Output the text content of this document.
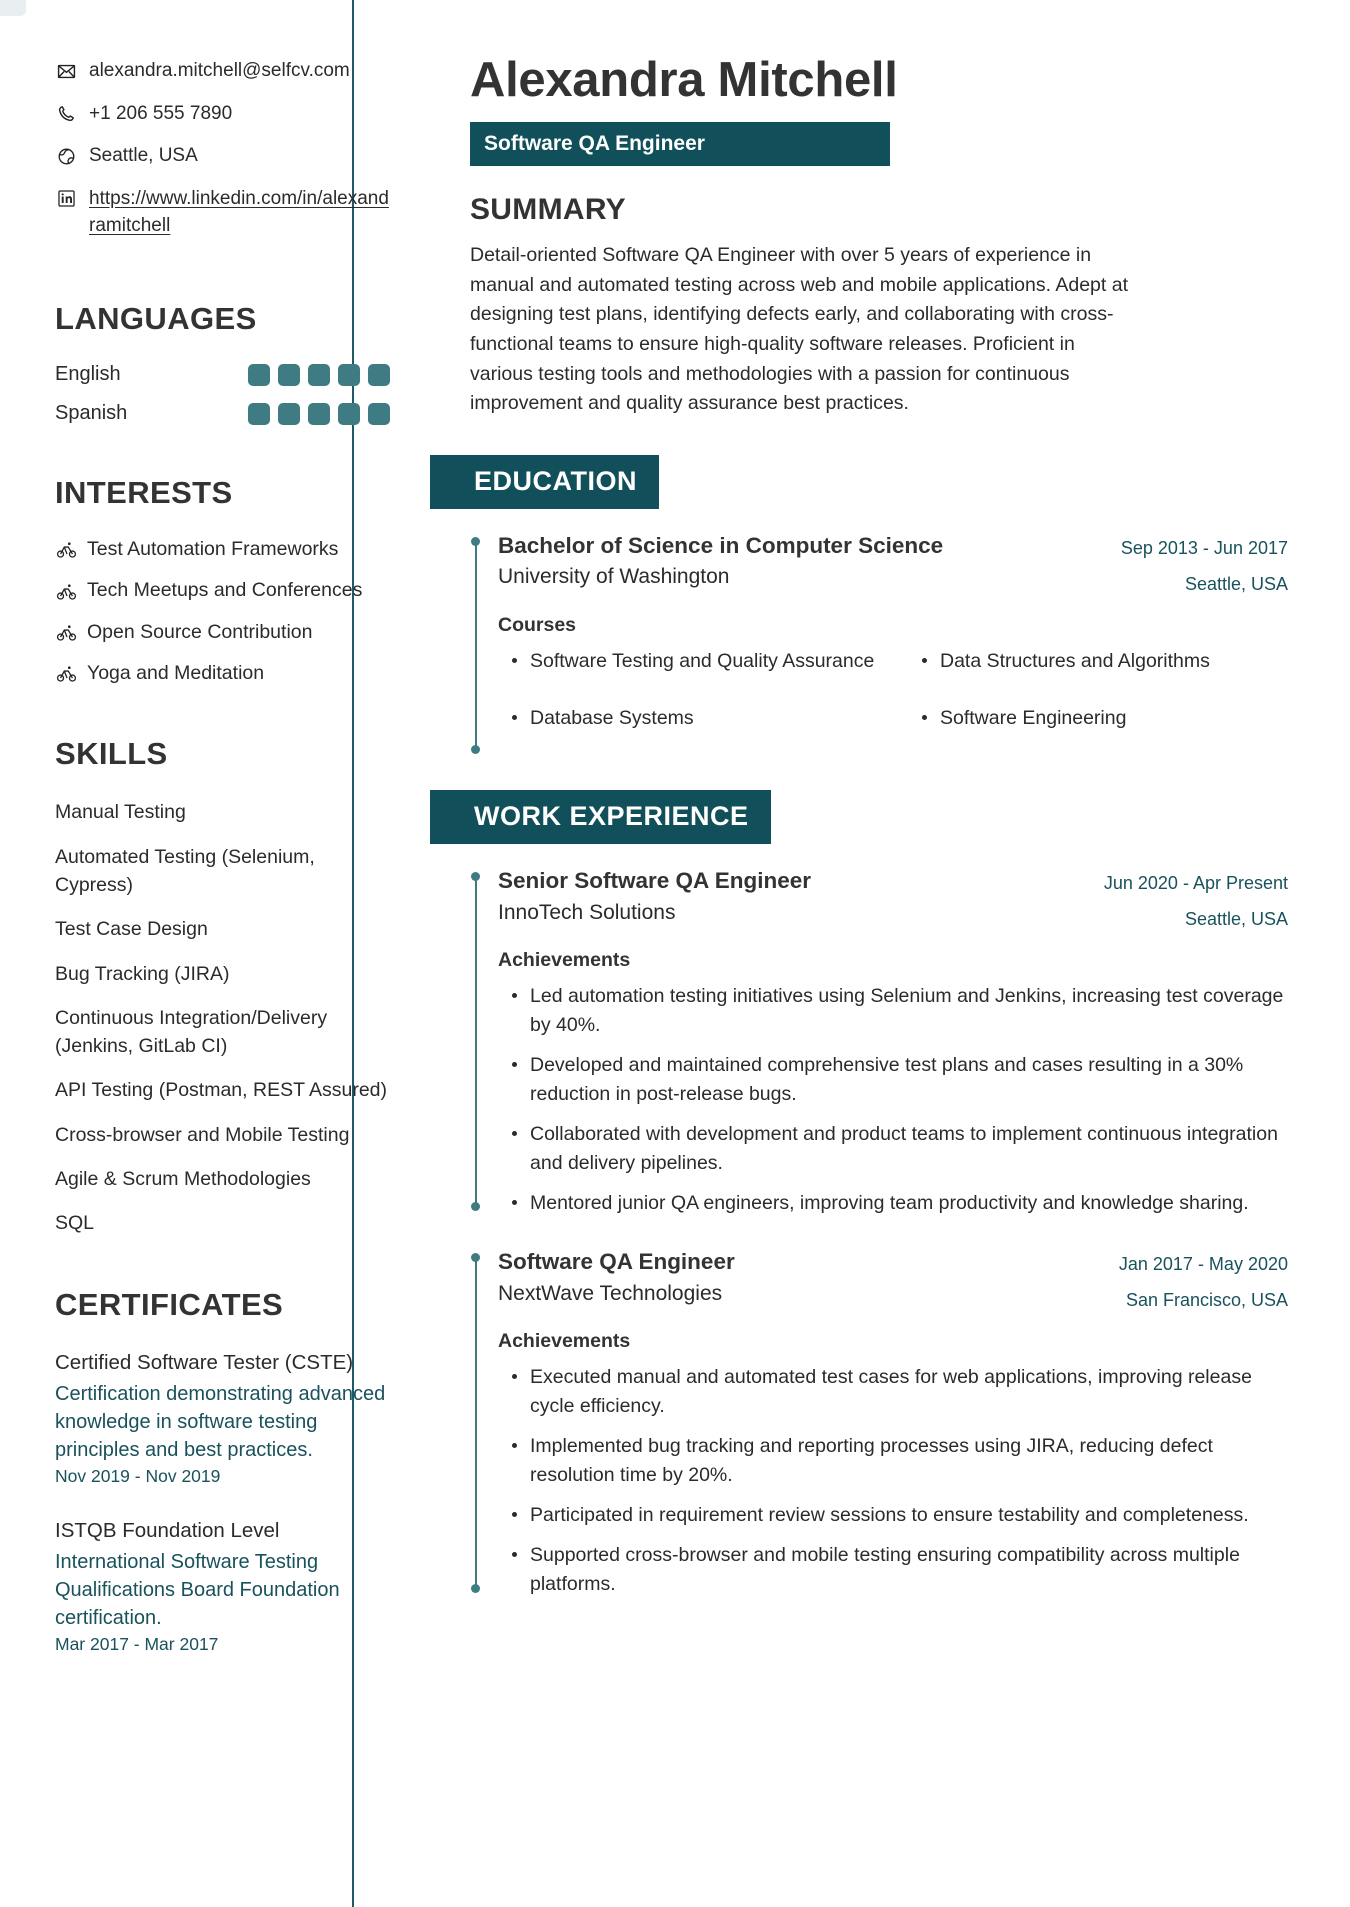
alexandra.mitchell@selfcv.com
+1 206 555 7890
Seattle, USA
https://www.linkedin.com/in/alexandramitchell
LANGUAGES
English
Spanish
INTERESTS
Test Automation Frameworks
Tech Meetups and Conferences
Open Source Contribution
Yoga and Meditation
SKILLS
Manual Testing
Automated Testing (Selenium, Cypress)
Test Case Design
Bug Tracking (JIRA)
Continuous Integration/Delivery (Jenkins, GitLab CI)
API Testing (Postman, REST Assured)
Cross-browser and Mobile Testing
Agile & Scrum Methodologies
SQL
CERTIFICATES
Certified Software Tester (CSTE)
Certification demonstrating advanced knowledge in software testing principles and best practices.
Nov 2019 - Nov 2019
ISTQB Foundation Level
International Software Testing Qualifications Board Foundation certification.
Mar 2017 - Mar 2017
Alexandra Mitchell
Software QA Engineer
SUMMARY

Detail-oriented Software QA Engineer with over 5 years of experience in manual and automated testing across web and mobile applications. Adept at designing test plans, identifying defects early, and collaborating with cross-functional teams to ensure high-quality software releases. Proficient in various testing tools and methodologies with a passion for continuous improvement and quality assurance best practices.

EDUCATION
Bachelor of Science in Computer Science
University of Washington
Sep 2013 - Jun 2017
Seattle, USA
Courses
Software Testing and Quality Assurance	Data Structures and Algorithms
Database Systems	Software Engineering
WORK EXPERIENCE
Senior Software QA Engineer
InnoTech Solutions
Jun 2020 - Apr Present
Seattle, USA
Achievements
Led automation testing initiatives using Selenium and Jenkins, increasing test coverage by 40%.
Developed and maintained comprehensive test plans and cases resulting in a 30% reduction in post-release bugs.
Collaborated with development and product teams to implement continuous integration and delivery pipelines.
Mentored junior QA engineers, improving team productivity and knowledge sharing.
Software QA Engineer
NextWave Technologies
Jan 2017 - May 2020
San Francisco, USA
Achievements
Executed manual and automated test cases for web applications, improving release cycle efficiency.
Implemented bug tracking and reporting processes using JIRA, reducing defect resolution time by 20%.
Participated in requirement review sessions to ensure testability and completeness.
Supported cross-browser and mobile testing ensuring compatibility across multiple platforms.
